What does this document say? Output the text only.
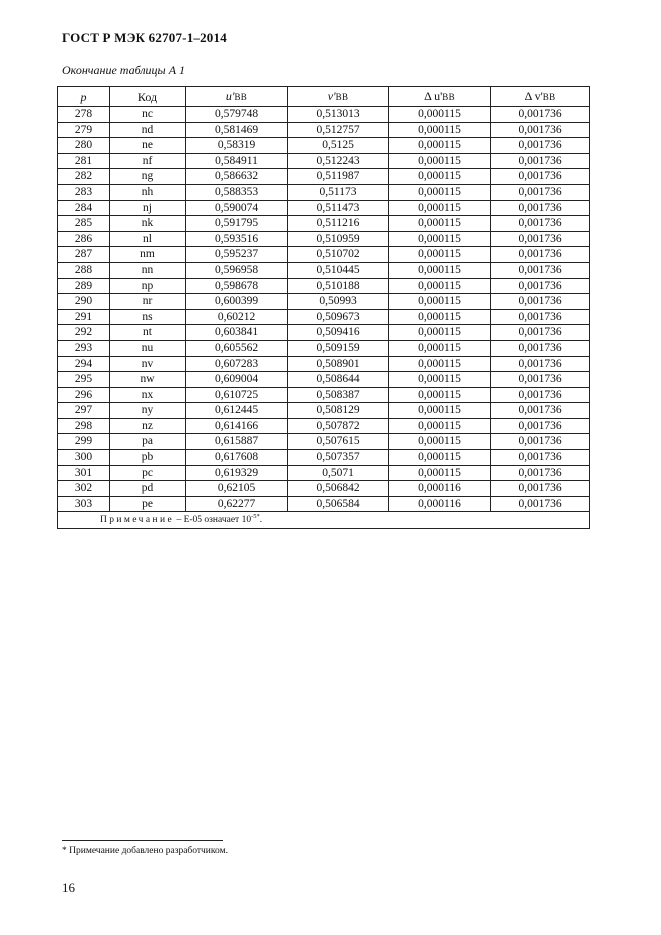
ГОСТ Р МЭК 62707-1–2014
Окончание таблицы А 1
p	Код	u'BB	v'BB	Δ u'BB	Δ v'BB
278	nc	0,579748	0,513013	0,000115	0,001736
279	nd	0,581469	0,512757	0,000115	0,001736
280	ne	0,58319	0,5125	0,000115	0,001736
281	nf	0,584911	0,512243	0,000115	0,001736
282	ng	0,586632	0,511987	0,000115	0,001736
283	nh	0,588353	0,51173	0,000115	0,001736
284	nj	0,590074	0,511473	0,000115	0,001736
285	nk	0,591795	0,511216	0,000115	0,001736
286	nl	0,593516	0,510959	0,000115	0,001736
287	nm	0,595237	0,510702	0,000115	0,001736
288	nn	0,596958	0,510445	0,000115	0,001736
289	np	0,598678	0,510188	0,000115	0,001736
290	nr	0,600399	0,50993	0,000115	0,001736
291	ns	0,60212	0,509673	0,000115	0,001736
292	nt	0,603841	0,509416	0,000115	0,001736
293	nu	0,605562	0,509159	0,000115	0,001736
294	nv	0,607283	0,508901	0,000115	0,001736
295	nw	0,609004	0,508644	0,000115	0,001736
296	nx	0,610725	0,508387	0,000115	0,001736
297	ny	0,612445	0,508129	0,000115	0,001736
298	nz	0,614166	0,507872	0,000115	0,001736
299	pa	0,615887	0,507615	0,000115	0,001736
300	pb	0,617608	0,507357	0,000115	0,001736
301	pc	0,619329	0,5071	0,000115	0,001736
302	pd	0,62105	0,506842	0,000116	0,001736
303	pe	0,62277	0,506584	0,000116	0,001736
Примечание – E-05 означает $10^{-5*}$.					
* Примечание добавлено разработчиком.
16
